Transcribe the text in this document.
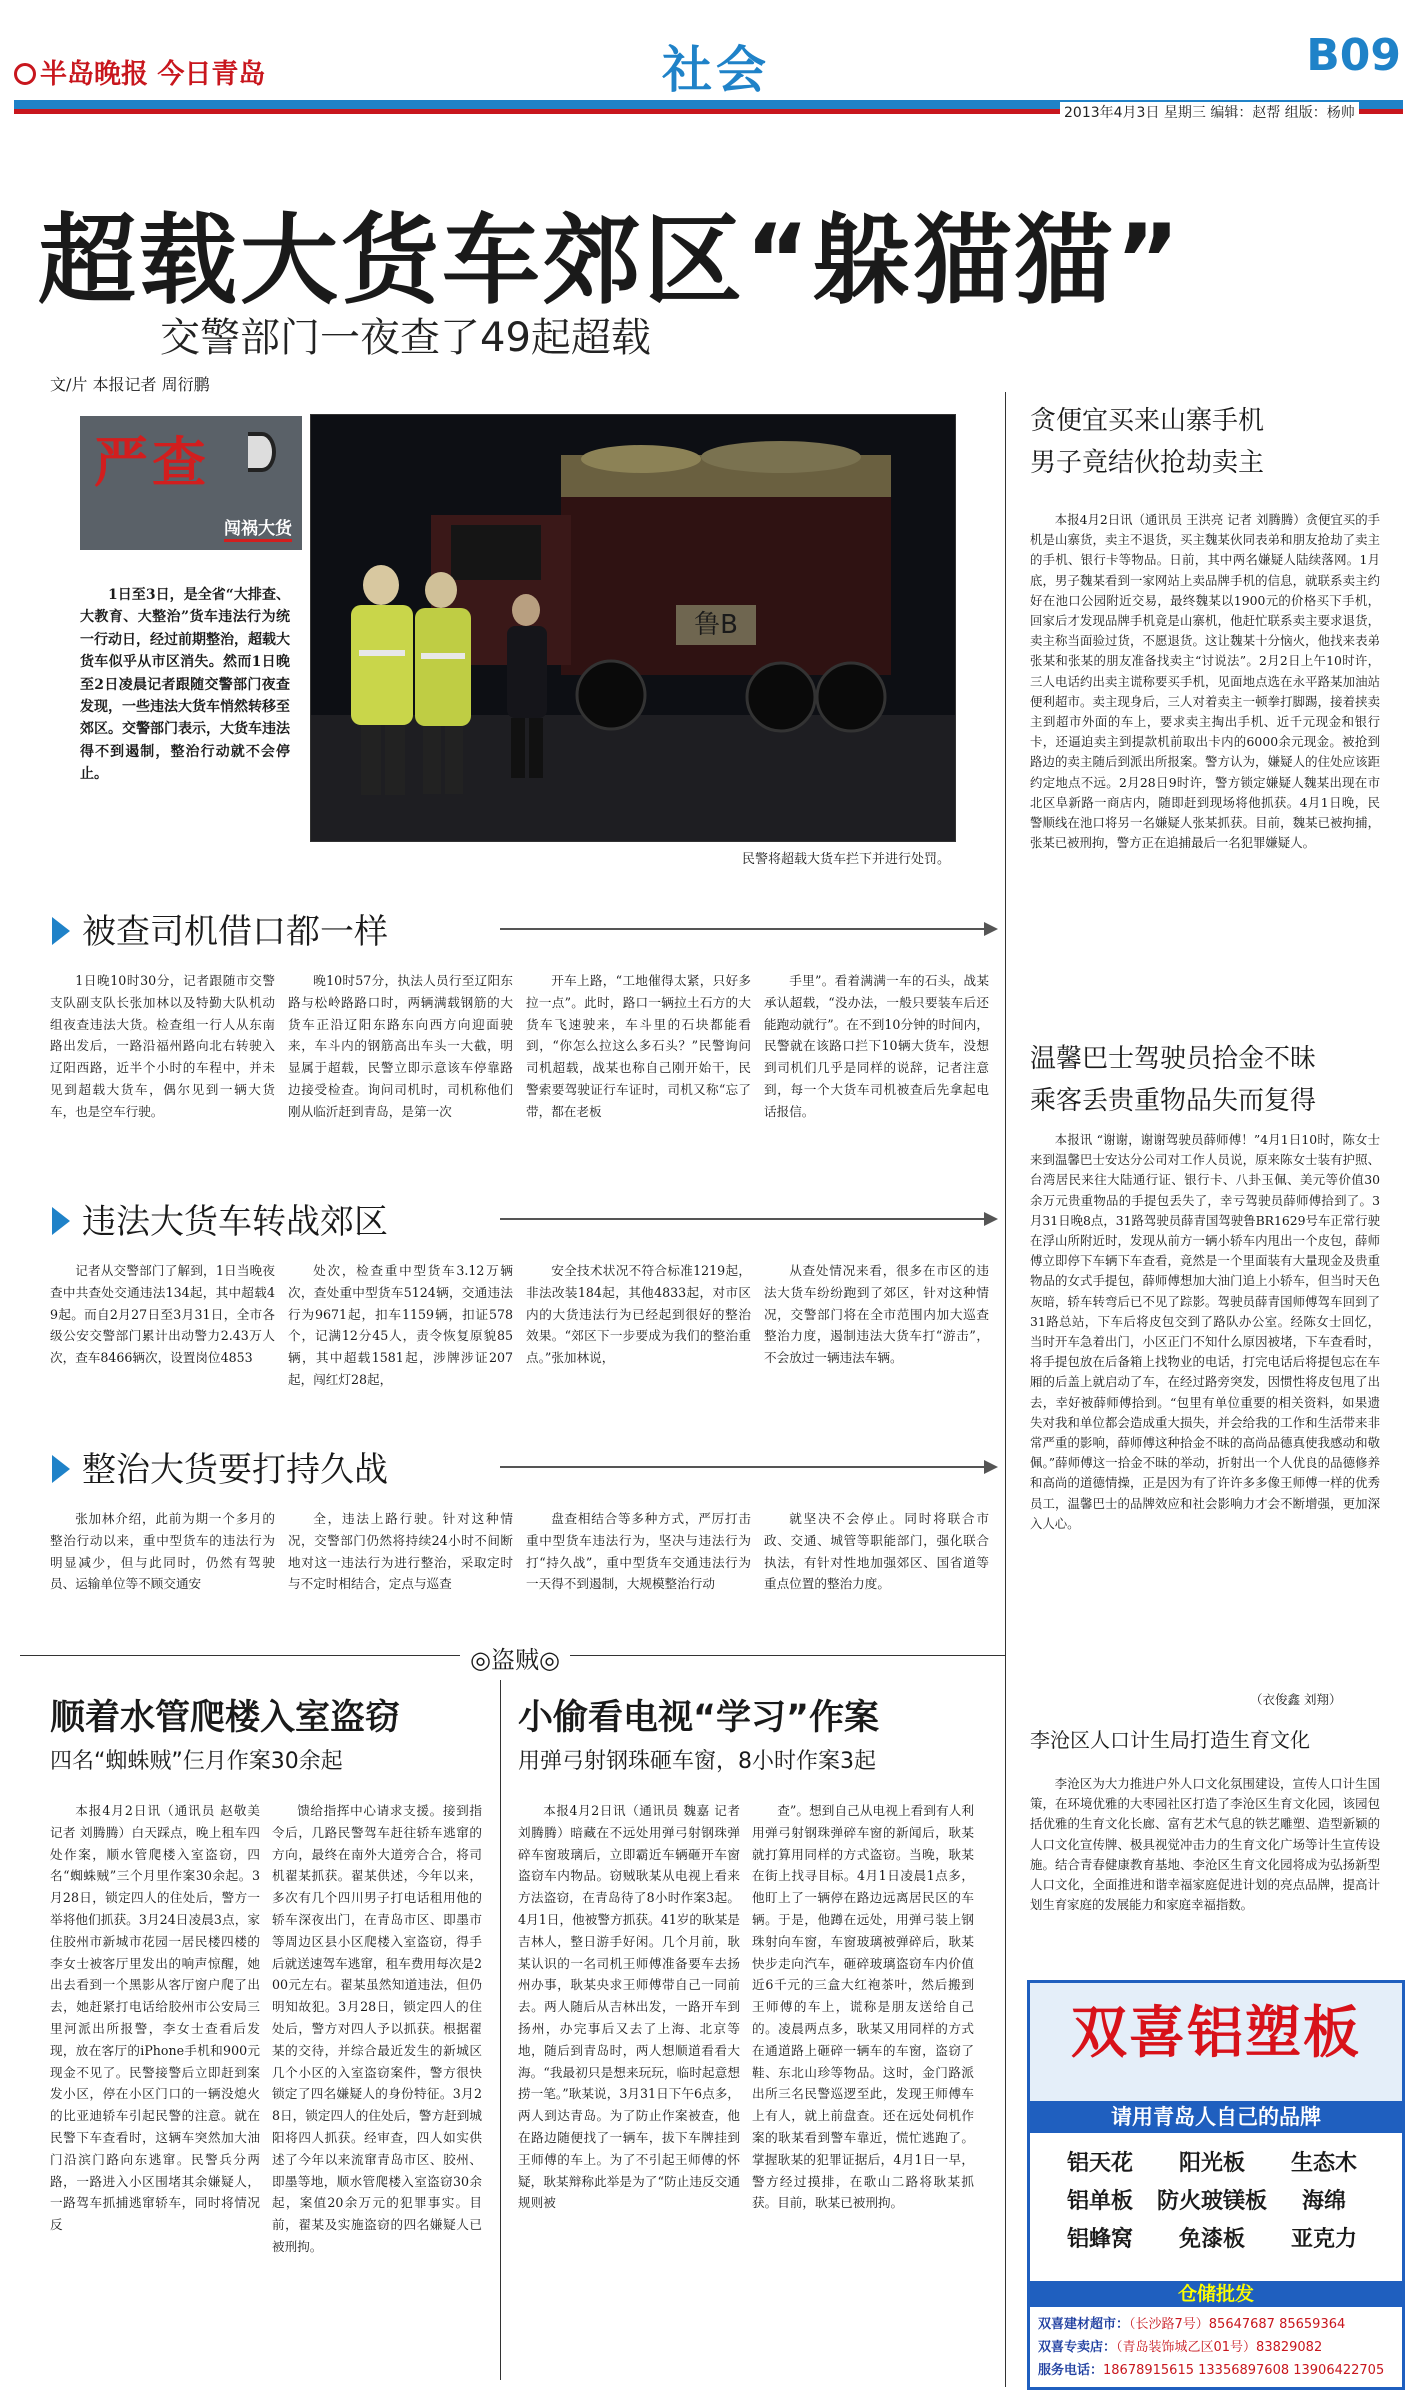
半岛晚报 今日青岛	社会	B09
2013年4月3日 星期三 编辑：赵帮 组版：杨帅
超载大货车郊区“躲猫猫”
交警部门一夜查了49起超载
文/片 本报记者 周衍鹏
严查
闯祸大货

1日至3日，是全省“大排查、大教育、大整治”货车违法行为统一行动日，经过前期整治，超载大货车似乎从市区消失。然而1日晚至2日凌晨记者跟随交警部门夜查发现，一些违法大货车悄然转移至郊区。交警部门表示，大货车违法得不到遏制，整治行动就不会停止。

鲁B
民警将超载大货车拦下并进行处罚。
被查司机借口都一样

1日晚10时30分，记者跟随市交警支队副支队长张加林以及特勤大队机动组夜查违法大货。检查组一行人从东南路出发后，一路沿福州路向北右转驶入辽阳西路，近半个小时的车程中，并未见到超载大货车，偶尔见到一辆大货车，也是空车行驶。

晚10时57分，执法人员行至辽阳东路与松岭路路口时，两辆满载钢筋的大货车正沿辽阳东路东向西方向迎面驶来，车斗内的钢筋高出车头一大截，明显属于超载，民警立即示意该车停靠路边接受检查。询问司机时，司机称他们刚从临沂赶到青岛，是第一次

开车上路，“工地催得太紧，只好多拉一点”。此时，路口一辆拉土石方的大货车飞速驶来，车斗里的石块都能看到，“你怎么拉这么多石头？”民警询问司机超载，战某也称自己刚开始干，民警索要驾驶证行车证时，司机又称“忘了带，都在老板

手里”。看着满满一车的石头，战某承认超载，“没办法，一般只要装车后还能跑动就行”。在不到10分钟的时间内，民警就在该路口拦下10辆大货车，没想到司机们几乎是同样的说辞，记者注意到，每一个大货车司机被查后先拿起电话报信。

违法大货车转战郊区

记者从交警部门了解到，1日当晚夜查中共查处交通违法134起，其中超载49起。而自2月27日至3月31日，全市各级公安交警部门累计出动警力2.43万人次，查车8466辆次，设置岗位4853

处次，检查重中型货车3.12万辆次，查处重中型货车5124辆，交通违法行为9671起，扣车1159辆，扣证578个，记满12分45人，责令恢复原貌85辆，其中超载1581起，涉牌涉证207起，闯红灯28起，

安全技术状况不符合标准1219起，非法改装184起，其他4833起，对市区内的大货违法行为已经起到很好的整治效果。“郊区下一步要成为我们的整治重点。”张加林说，

从查处情况来看，很多在市区的违法大货车纷纷跑到了郊区，针对这种情况，交警部门将在全市范围内加大巡查整治力度，遏制违法大货车打“游击”，不会放过一辆违法车辆。

整治大货要打持久战

张加林介绍，此前为期一个多月的整治行动以来，重中型货车的违法行为明显减少，但与此同时，仍然有驾驶员、运输单位等不顾交通安

全，违法上路行驶。针对这种情况，交警部门仍然将持续24小时不间断地对这一违法行为进行整治，采取定时与不定时相结合，定点与巡查

盘查相结合等多种方式，严厉打击重中型货车违法行为，坚决与违法行为打“持久战”，重中型货车交通违法行为一天得不到遏制，大规模整治行动

就坚决不会停止。同时将联合市政、交通、城管等职能部门，强化联合执法，有针对性地加强郊区、国省道等重点位置的整治力度。

◎盗贼◎
顺着水管爬楼入室盗窃
四名“蜘蛛贼”仨月作案30余起

本报4月2日讯（通讯员 赵敬美 记者 刘腾腾）白天踩点，晚上租车四处作案，顺水管爬楼入室盗窃，四名“蜘蛛贼”三个月里作案30余起。3月28日，锁定四人的住处后，警方一举将他们抓获。3月24日凌晨3点，家住胶州市新城市花园一居民楼四楼的李女士被客厅里发出的响声惊醒，她出去看到一个黑影从客厅窗户爬了出去，她赶紧打电话给胶州市公安局三里河派出所报警，李女士查看后发现，放在客厅的iPhone手机和900元现金不见了。民警接警后立即赶到案发小区，停在小区门口的一辆没熄火的比亚迪轿车引起民警的注意。就在民警下车查看时，这辆车突然加大油门沿滨门路向东逃窜。民警兵分两路，一路进入小区围堵其余嫌疑人，一路驾车抓捕逃窜轿车，同时将情况反

馈给指挥中心请求支援。接到指令后，几路民警驾车赶往轿车逃窜的方向，最终在南外大道旁合合，将司机翟某抓获。翟某供述，今年以来，多次有几个四川男子打电话租用他的轿车深夜出门，在青岛市区、即墨市等周边区县小区爬楼入室盗窃，得手后就送速驾车逃窜，租车费用每次是200元左右。翟某虽然知道违法，但仍明知故犯。3月28日，锁定四人的住处后，警方对四人予以抓获。根据翟某的交待，并综合最近发生的新城区几个小区的入室盗窃案件，警方很快锁定了四名嫌疑人的身份特征。3月28日，锁定四人的住处后，警方赶到城阳将四人抓获。经审查，四人如实供述了今年以来流窜青岛市区、胶州、即墨等地，顺水管爬楼入室盗窃30余起，案值20余万元的犯罪事实。目前，翟某及实施盗窃的四名嫌疑人已被刑拘。

小偷看电视“学习”作案
用弹弓射钢珠砸车窗，8小时作案3起

本报4月2日讯（通讯员 魏嘉 记者 刘腾腾）暗藏在不远处用弹弓射钢珠弹碎车窗玻璃后，立即霸近车辆砸开车窗盗窃车内物品。窃贼耿某从电视上看来方法盗窃，在青岛待了8小时作案3起。4月1日，他被警方抓获。41岁的耿某是吉林人，整日游手好闲。几个月前，耿某认识的一名司机王师傅准备要车去扬州办事，耿某央求王师傅带自己一同前去。两人随后从吉林出发，一路开车到扬州，办完事后又去了上海、北京等地，随后到青岛时，两人想顺道看看大海。“我最初只是想来玩玩，临时起意想捞一笔。”耿某说，3月31日下午6点多，两人到达青岛。为了防止作案被查，他在路边随便找了一辆车，拔下车牌挂到王师傅的车上。为了不引起王师傅的怀疑，耿某辩称此举是为了“防止违反交通规则被

查”。想到自己从电视上看到有人利用弹弓射钢珠弹碎车窗的新闻后，耿某就打算用同样的方式盗窃。当晚，耿某在街上找寻目标。4月1日凌晨1点多，他盯上了一辆停在路边远离居民区的车辆。于是，他蹲在远处，用弹弓装上钢珠射向车窗，车窗玻璃被弹碎后，耿某快步走向汽车，砸碎玻璃盗窃车内价值近6千元的三盒大红袍茶叶，然后搬到王师傅的车上，谎称是朋友送给自己的。凌晨两点多，耿某又用同样的方式在通道路上砸碎一辆车的车窗，盗窃了鞋、东北山珍等物品。这时，金门路派出所三名民警巡逻至此，发现王师傅车上有人，就上前盘查。还在远处伺机作案的耿某看到警车靠近，慌忙逃跑了。掌握耿某的犯罪证据后，4月1日一早，警方经过摸排，在歌山二路将耿某抓获。目前，耿某已被刑拘。

贪便宜买来山寨手机
男子竟结伙抢劫卖主

本报4月2日讯（通讯员 王洪亮 记者 刘腾腾）贪便宜买的手机是山寨货，卖主不退货，买主魏某伙同表弟和朋友抢劫了卖主的手机、银行卡等物品。日前，其中两名嫌疑人陆续落网。1月底，男子魏某看到一家网站上卖品牌手机的信息，就联系卖主约好在池口公园附近交易，最终魏某以1900元的价格买下手机，回家后才发现品牌手机竟是山寨机，他赶忙联系卖主要求退货，卖主称当面验过货，不愿退货。这让魏某十分恼火，他找来表弟张某和张某的朋友准备找卖主“讨说法”。2月2日上午10时许，三人电话约出卖主谎称要买手机，见面地点选在永平路某加油站便利超市。卖主现身后，三人对着卖主一顿拳打脚踢，接着挟卖主到超市外面的车上，要求卖主掏出手机、近千元现金和银行卡，还逼迫卖主到提款机前取出卡内的6000余元现金。被抢到路边的卖主随后到派出所报案。警方认为，嫌疑人的住处应该距约定地点不远。2月28日9时许，警方锁定嫌疑人魏某出现在市北区阜新路一商店内，随即赶到现场将他抓获。4月1日晚，民警顺线在池口将另一名嫌疑人张某抓获。目前，魏某已被拘捕，张某已被刑拘，警方正在追捕最后一名犯罪嫌疑人。

温馨巴士驾驶员拾金不昧
乘客丢贵重物品失而复得

本报讯 “谢谢，谢谢驾驶员薛师傅！”4月1日10时，陈女士来到温馨巴士安达分公司对工作人员说，原来陈女士装有护照、台湾居民来往大陆通行证、银行卡、八卦玉佩、美元等价值30余万元贵重物品的手提包丢失了，幸亏驾驶员薛师傅拾到了。3月31日晚8点，31路驾驶员薛青国驾驶鲁BR1629号车正常行驶在浮山所附近时，发现从前方一辆小轿车内甩出一个皮包，薛师傅立即停下车辆下车查看，竟然是一个里面装有大量现金及贵重物品的女式手提包，薛师傅想加大油门追上小轿车，但当时天色灰暗，轿车转弯后已不见了踪影。驾驶员薛青国师傅驾车回到了31路总站，下车后将皮包交到了路队办公室。经陈女士回忆，当时开车急着出门，小区正门不知什么原因被堵，下车查看时，将手提包放在后备箱上找物业的电话，打完电话后将提包忘在车厢的后盖上就启动了车，在经过路旁突发，因惯性将皮包甩了出去，幸好被薛师傅拾到。“包里有单位重要的相关资料，如果遗失对我和单位都会造成重大损失，并会给我的工作和生活带来非常严重的影响，薛师傅这种拾金不昧的高尚品德真使我感动和敬佩。”薛师傅这一拾金不昧的举动，折射出一个人优良的品德修养和高尚的道德情操，正是因为有了许许多多像王师傅一样的优秀员工，温馨巴士的品牌效应和社会影响力才会不断增强，更加深入人心。

（衣俊鑫 刘翔）
李沧区人口计生局打造生育文化

李沧区为大力推进户外人口文化氛围建设，宣传人口计生国策，在环境优雅的大枣园社区打造了李沧区生育文化园，该园包括优雅的生育文化长廊、富有艺术气息的铁艺雕塑、造型新颖的人口文化宣传牌、极具视觉冲击力的生育文化广场等计生宣传设施。结合青春健康教育基地、李沧区生育文化园将成为弘扬新型人口文化，全面推进和谐幸福家庭促进计划的亮点品牌，提高计划生育家庭的发展能力和家庭幸福指数。

双喜铝塑板
请用青岛人自己的品牌
铝天花 阳光板 生态木铝单板 防火玻镁板 海绵铝蜂窝 免漆板 亚克力
仓储批发
双喜建材超市：（长沙路7号）85647687 85659364
双喜专卖店：（青岛装饰城乙区01号）83829082
服务电话：18678915615 13356897608 13906422705
